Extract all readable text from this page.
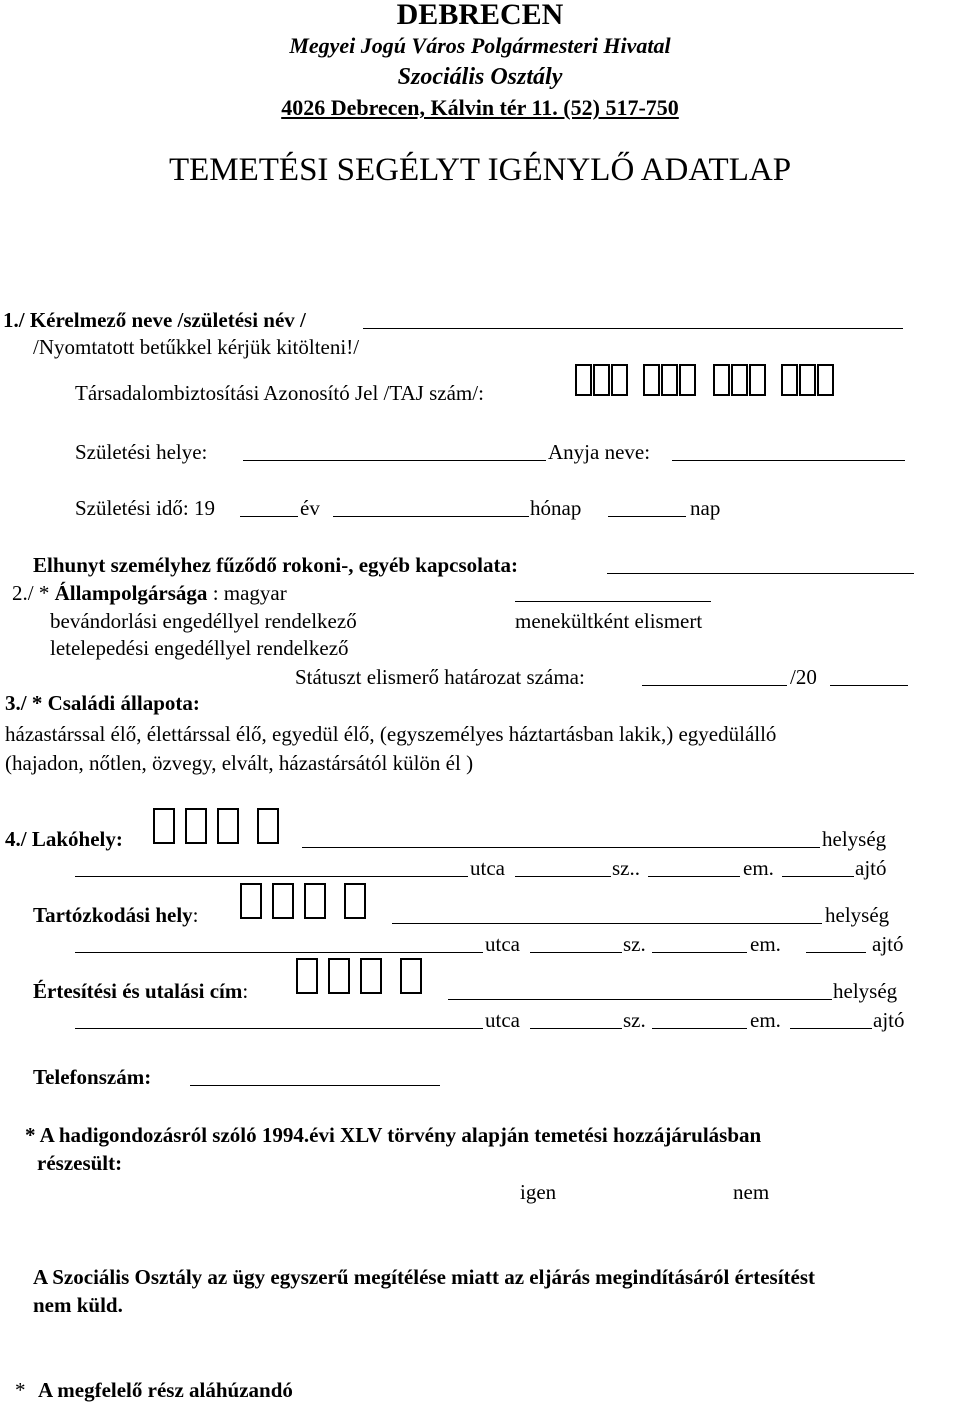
DEBRECEN
Megyei Jogú Város Polgármesteri Hivatal
Szociális Osztály
4026 Debrecen, Kálvin tér 11. (52) 517-750
TEMETÉSI SEGÉLYT IGÉNYLŐ ADATLAP
1./ Kérelmező neve /születési név /
/Nyomtatott betűkkel kérjük kitölteni!/
Társadalombiztosítási Azonosító Jel /TAJ szám/:
Születési helye:	Anyja neve:
Születési idő: 19	év	hónap	nap
Elhunyt személyhez fűződő rokoni-, egyéb kapcsolata:
2./ * Állampolgársága : magyar
bevándorlási engedéllyel rendelkező	menekültként elismert
letelepedési engedéllyel rendelkező
Státuszt elismerő határozat száma:	/20
3./ * Családi állapota:
házastárssal élő, élettárssal élő, egyedül élő, (egyszemélyes háztartásban lakik,) egyedülálló
(hajadon, nőtlen, özvegy, elvált, házastársától külön él )
4./ Lakóhely:	helység
utca	sz..	em.	ajtó
Tartózkodási hely:	helység
utca	sz.	em.	ajtó
Értesítési és utalási cím:	helység
utca	sz.	em.	ajtó
Telefonszám:
* A hadigondozásról szóló 1994.évi XLV törvény alapján temetési hozzájárulásban
részesült:
igen	nem
A Szociális Osztály az ügy egyszerű megítélése miatt az eljárás megindításáról értesítést
nem küld.
* A megfelelő rész aláhúzandó
